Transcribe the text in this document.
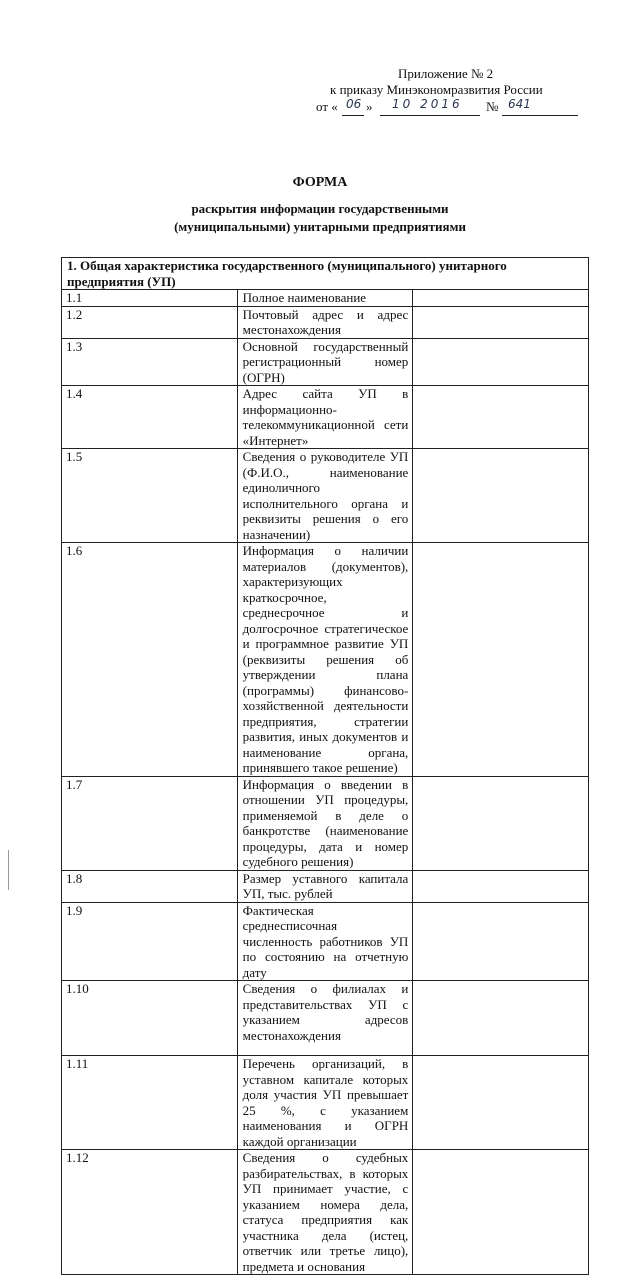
Приложение № 2
к приказу Минэкономразвития России
от « 06 » 10 2016 № 641
ФОРМА
раскрытия информации государственными
(муниципальными) унитарными предприятиями
1. Общая характеристика государственного (муниципального) унитарного предприятия (УП)		
1.1	Полное наименование	
1.2	Почтовый адрес и адрес местонахождения	
1.3	Основной государственный регистрационный номер (ОГРН)	
1.4	Адрес сайта УП в информационно-телекоммуникационной сети «Интернет»	
1.5	Сведения о руководителе УП (Ф.И.О., наименование единоличного исполнительного органа и реквизиты решения о его назначении)	
1.6	Информация о наличии материалов (документов), характеризующих краткосрочное, среднесрочное и долгосрочное стратегическое и программное развитие УП (реквизиты решения об утверждении плана (программы) финансово-хозяйственной деятельности предприятия, стратегии развития, иных документов и наименование органа, принявшего такое решение)	
1.7	Информация о введении в отношении УП процедуры, применяемой в деле о банкротстве (наименование процедуры, дата и номер судебного решения)	
1.8	Размер уставного капитала УП, тыс. рублей	
1.9	Фактическая среднесписочная численность работников УП по состоянию на отчетную дату	
1.10	Сведения о филиалах и представительствах УП с указанием адресов местонахождения	
1.11	Перечень организаций, в уставном капитале которых доля участия УП превышает 25 %, с указанием наименования и ОГРН каждой организации	
1.12	Сведения о судебных разбирательствах, в которых УП принимает участие, с указанием номера дела, статуса предприятия как участника дела (истец, ответчик или третье лицо), предмета и основания	
